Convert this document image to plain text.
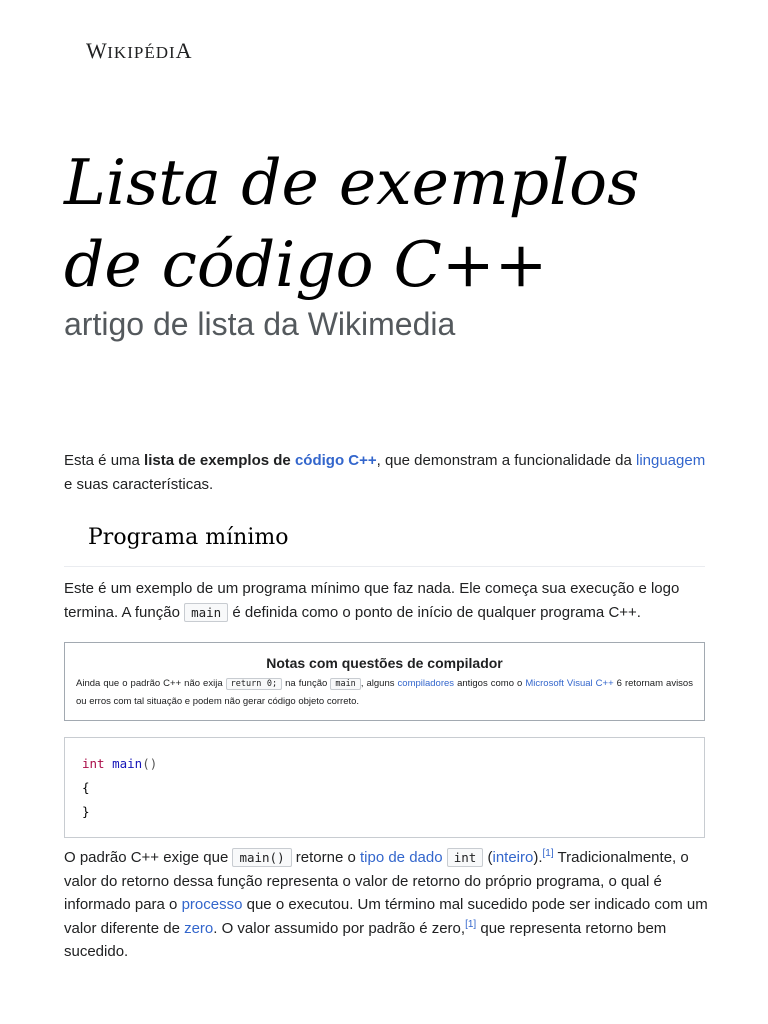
WIKIPÉDIA
Lista de exemplos de código C++
artigo de lista da Wikimedia

Esta é uma lista de exemplos de código C++, que demonstram a funcionalidade da linguagem e suas características.

Programa mínimo

Este é um exemplo de um programa mínimo que faz nada. Ele começa sua execução e logo termina. A função main é definida como o ponto de início de qualquer programa C++.

Notas com questões de compilador
Ainda que o padrão C++ não exija return 0; na função main , alguns compiladores antigos como o Microsoft Visual C++ 6 retornam avisos ou erros com tal situação e podem não gerar código objeto correto.
int main()
{
}

O padrão C++ exige que main() retorne o tipo de dado int (inteiro).[1] Tradicionalmente, o valor do retorno dessa função representa o valor de retorno do próprio programa, o qual é informado para o processo que o executou. Um término mal sucedido pode ser indicado com um valor diferente de zero. O valor assumido por padrão é zero,[1] que representa retorno bem sucedido.
